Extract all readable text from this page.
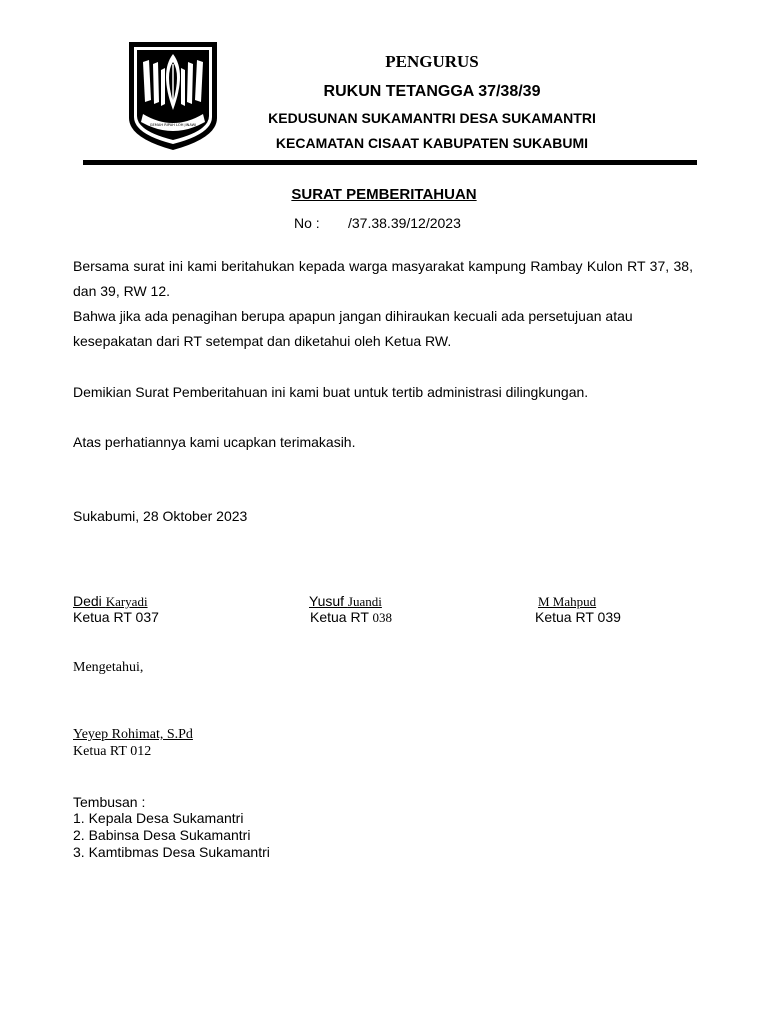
GEMAH RIPAH LOH JINAWI
PENGURUS
RUKUN TETANGGA 37/38/39
KEDUSUNAN SUKAMANTRI DESA SUKAMANTRI
KECAMATAN CISAAT KABUPATEN SUKABUMI
SURAT PEMBERITAHUAN
No : /37.38.39/12/2023
Bersama surat ini kami beritahukan kepada warga masyarakat kampung Rambay Kulon RT 37, 38, dan 39, RW 12.
Bahwa jika ada penagihan berupa apapun jangan dihiraukan kecuali ada persetujuan atau kesepakatan dari RT setempat dan diketahui oleh Ketua RW.
Demikian Surat Pemberitahuan ini kami buat untuk tertib administrasi dilingkungan.
Atas perhatiannya kami ucapkan terimakasih.
Sukabumi, 28 Oktober 2023
Dedi Karyadi
Ketua RT 037
Yusuf Juandi
Ketua RT 038
M Mahpud
Ketua RT 039
Mengetahui,
Yeyep Rohimat, S.Pd
Ketua RT 012
Tembusan :
1. Kepala Desa Sukamantri
2. Babinsa Desa Sukamantri
3. Kamtibmas Desa Sukamantri
